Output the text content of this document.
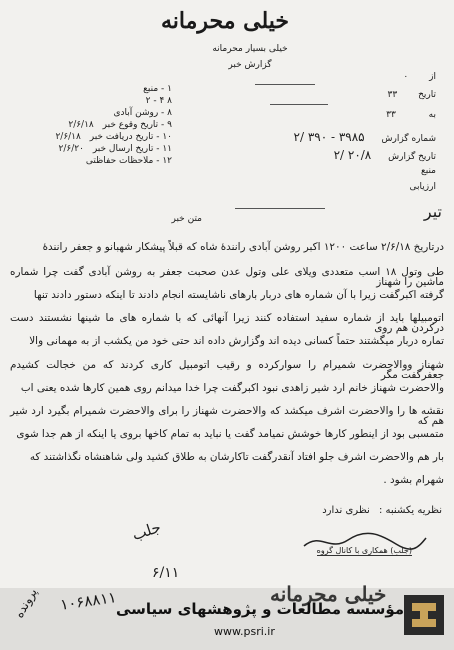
خیلی محرمانه
خیلی بسیار محرمانه
گزارش خبر
از ۰
تاریخ ۳۳
به ۳۳
شماره گزارش ۳۹۸۵ - ۳۹۰ /۲
تاریخ گزارش ۲۰/۸ /۲
منبع
ارزیابی
۱ - منبع
۲ - ۴ ۸
۸ - روشن آبادی
۹ - تاریخ وقوع خبر ۲/۶/۱۸
۱۰ - تاریخ دریافت خبر ۲/۶/۱۸
۱۱ - تاریخ ارسال خبر ۲/۶/۲۰
۱۲ - ملاحظات حفاظتی
تیر
متن خبر
درتاریخ ۲/۶/۱۸ ساعت ۱۲۰۰ اکبر روشن آبادی رانندهٔ شاه که قبلاً پیشکار شهبانو و جعفر رانندهٔ
طی وتول ۱۸ اسب متعددی ویلای علی وتول عدن صحبت جعفر به روشن آبادی گفت چرا شماره ماشین را شهناز
گرفته اکبرگفت زیرا با آن شماره های دربار بارهای ناشایسته انجام دادند تا اینکه دستور دادند تنها
اتومبیلها باید از شماره سفید استفاده کنند زیرا آنهائی که با شماره های ما شینها نشستند دست درکردن هم روی
تماره دربار میگشتند حتماً کسانی دیده اند وگزارش داده اند حتی خود من یکشب از به مهمانی والا
شهناز ووالاحضرت شمیرام را سوارکرده و رقیب اتومبیل کاری کردند که من خجالت کشیدم جعفرگفت مگر
والاحضرت شهناز خانم ارد شیر زاهدی نبود اکبرگفت چرا خدا میدانم روی همین کارها شده یعنی اب
نقشه ها را والاحضرت اشرف میکشد که والاحضرت شهناز را برای والاحضرت شمیرام بگیرد ارد شیر هم که
متمسبی بود از اینطور کارها خوشش نمیامد گفت یا نباید به تمام کاخها بروی یا اینکه از هم جدا شوی
بار هم والاحضرت اشرف جلو افتاد آنقدرگفت تاکارشان به طلاق کشید ولی شاهنشاه نگذاشتند که
شهرام بشود .
نظریه یکشنبه : نظری ندارد
جلب
۶/۱۱
(جلب) همکاری با کانال گروه
پرونده ۱۰۶۸۸۱۱	خیلی محرمانه
مؤسسه مطالعات و پژوهشهای سیاسی
www.psri.ir
